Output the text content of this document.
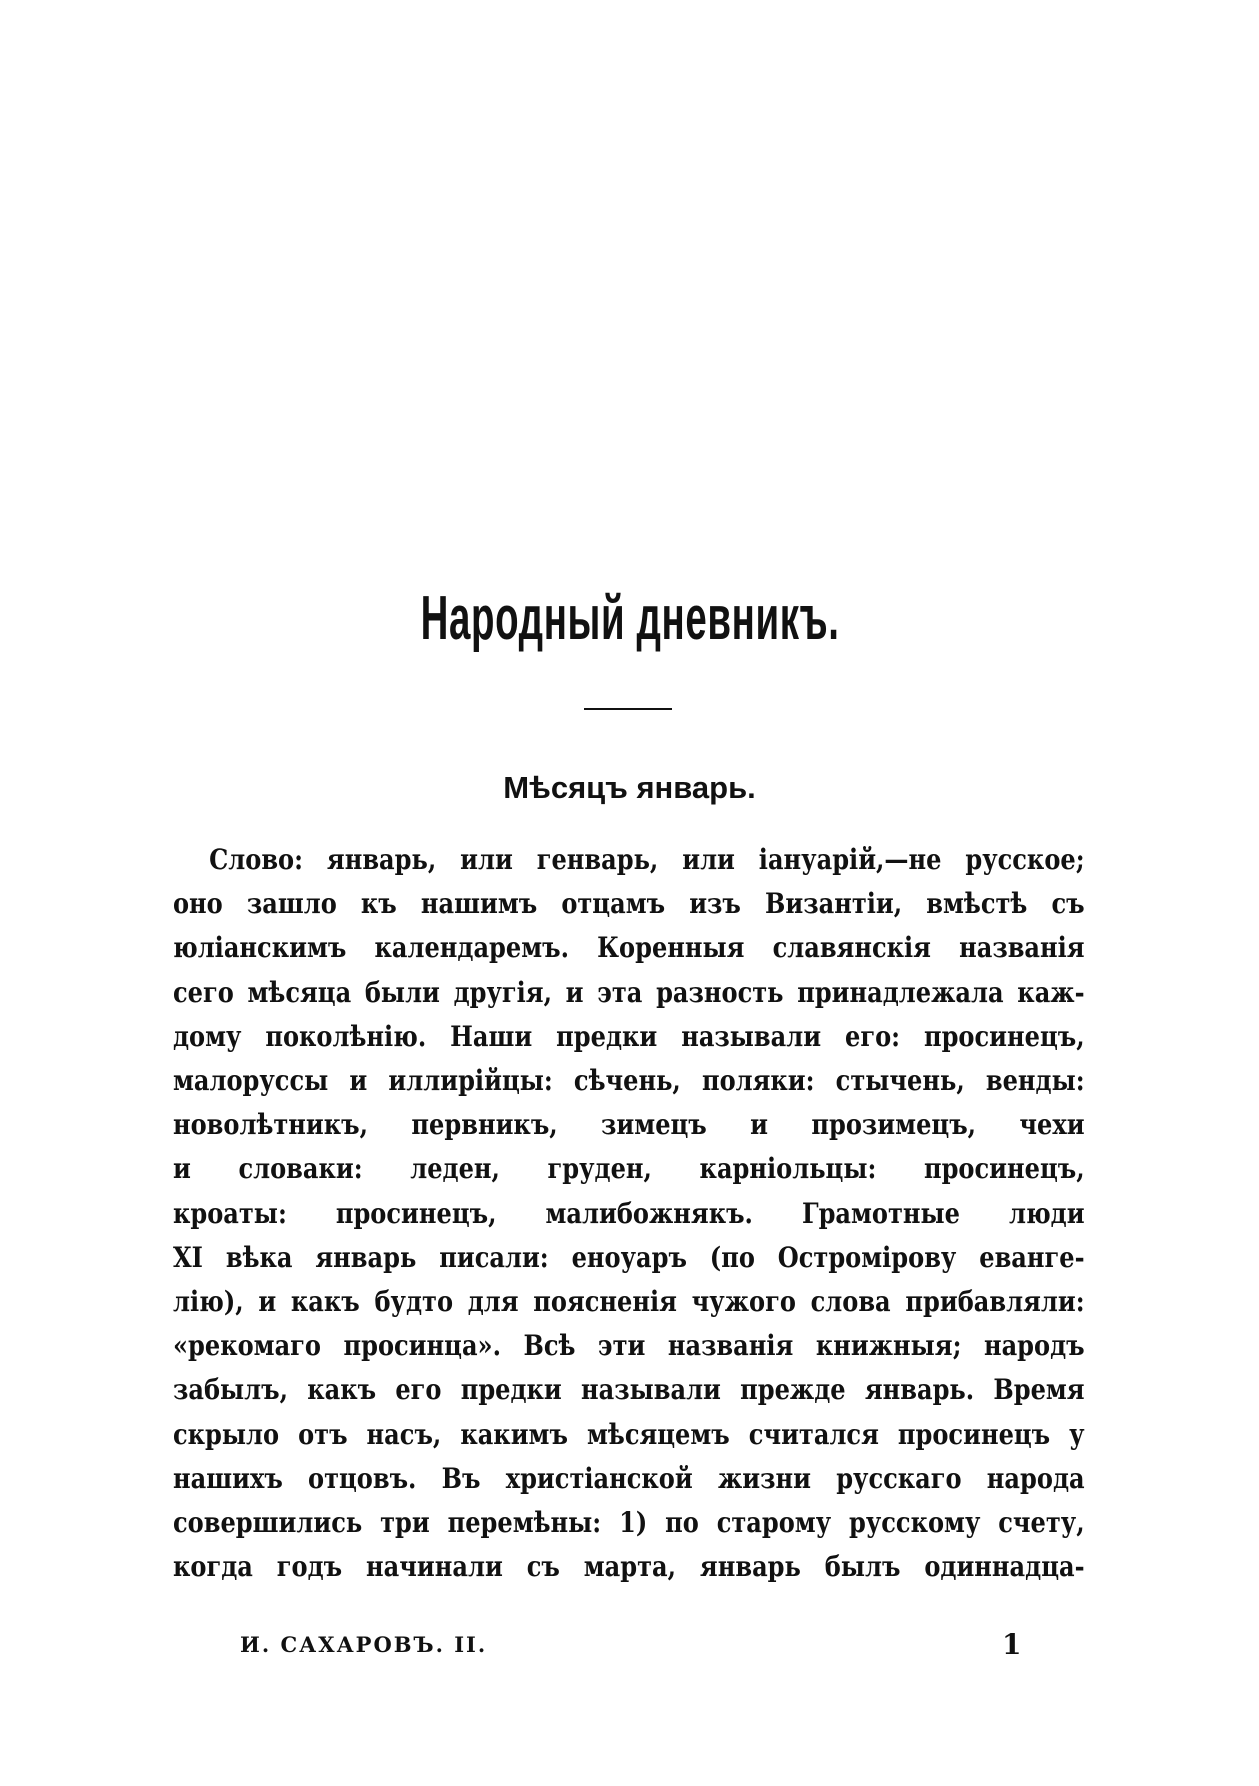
Народный дневникъ.
Мѣсяцъ январь.
Слово: январь, или генварь, или іануарій,—не русское;
оно зашло къ нашимъ отцамъ изъ Византіи, вмѣстѣ съ
юліанскимъ календаремъ. Коренныя славянскія названія
сего мѣсяца были другія, и эта разность принадлежала каж-
дому поколѣнію. Наши предки называли его: просинецъ,
малоруссы и иллирійцы: сѣчень, поляки: стычень, венды:
новолѣтникъ, первникъ, зимецъ и прозимецъ, чехи
и словаки: леден, груден, карніольцы: просинецъ,
кроаты: просинецъ, малибожнякъ. Грамотные люди
XI вѣка январь писали: еноуаръ (по Остромірову еванге-
лію), и какъ будто для поясненія чужого слова прибавляли:
«рекомаго просинца». Всѣ эти названія книжныя; народъ
забылъ, какъ его предки называли прежде январь. Время
скрыло отъ насъ, какимъ мѣсяцемъ считался просинецъ у
нашихъ отцовъ. Въ христіанской жизни русскаго народа
совершились три перемѣны: 1) по старому русскому счету,
когда годъ начинали съ марта, январь былъ одиннадца-
И. САХАРОВЪ. II.	1
